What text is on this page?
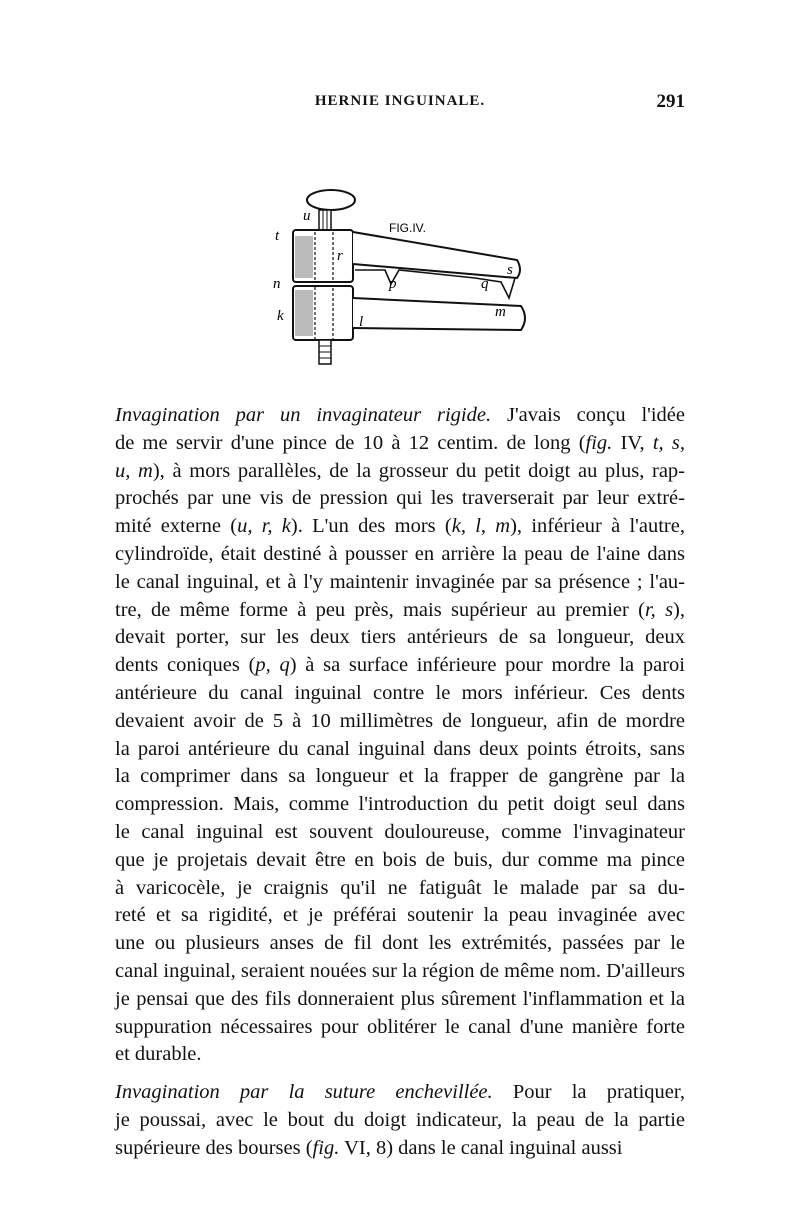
HERNIE INGUINALE.	291
FIG.IV.
u
t
n
k
r
p	q
s
m
l
Invagination par un invaginateur rigide. J'avais conçu l'idée
de me servir d'une pince de 10 à 12 centim. de long (fig. IV, t, s,
u, m), à mors parallèles, de la grosseur du petit doigt au plus, rap-
prochés par une vis de pression qui les traverserait par leur extré-
mité externe (u, r, k). L'un des mors (k, l, m), inférieur à l'autre,
cylindroïde, était destiné à pousser en arrière la peau de l'aine dans
le canal inguinal, et à l'y maintenir invaginée par sa présence ; l'au-
tre, de même forme à peu près, mais supérieur au premier (r, s),
devait porter, sur les deux tiers antérieurs de sa longueur, deux
dents coniques (p, q) à sa surface inférieure pour mordre la paroi
antérieure du canal inguinal contre le mors inférieur. Ces dents
devaient avoir de 5 à 10 millimètres de longueur, afin de mordre
la paroi antérieure du canal inguinal dans deux points étroits, sans
la comprimer dans sa longueur et la frapper de gangrène par la
compression. Mais, comme l'introduction du petit doigt seul dans
le canal inguinal est souvent douloureuse, comme l'invaginateur
que je projetais devait être en bois de buis, dur comme ma pince
à varicocèle, je craignis qu'il ne fatiguât le malade par sa du-
reté et sa rigidité, et je préférai soutenir la peau invaginée avec
une ou plusieurs anses de fil dont les extrémités, passées par le
canal inguinal, seraient nouées sur la région de même nom. D'ailleurs
je pensai que des fils donneraient plus sûrement l'inflammation et la
suppuration nécessaires pour oblitérer le canal d'une manière forte
et durable.
Invagination par la suture enchevillée. Pour la pratiquer,
je poussai, avec le bout du doigt indicateur, la peau de la partie
supérieure des bourses (fig. VI, 8) dans le canal inguinal aussi
